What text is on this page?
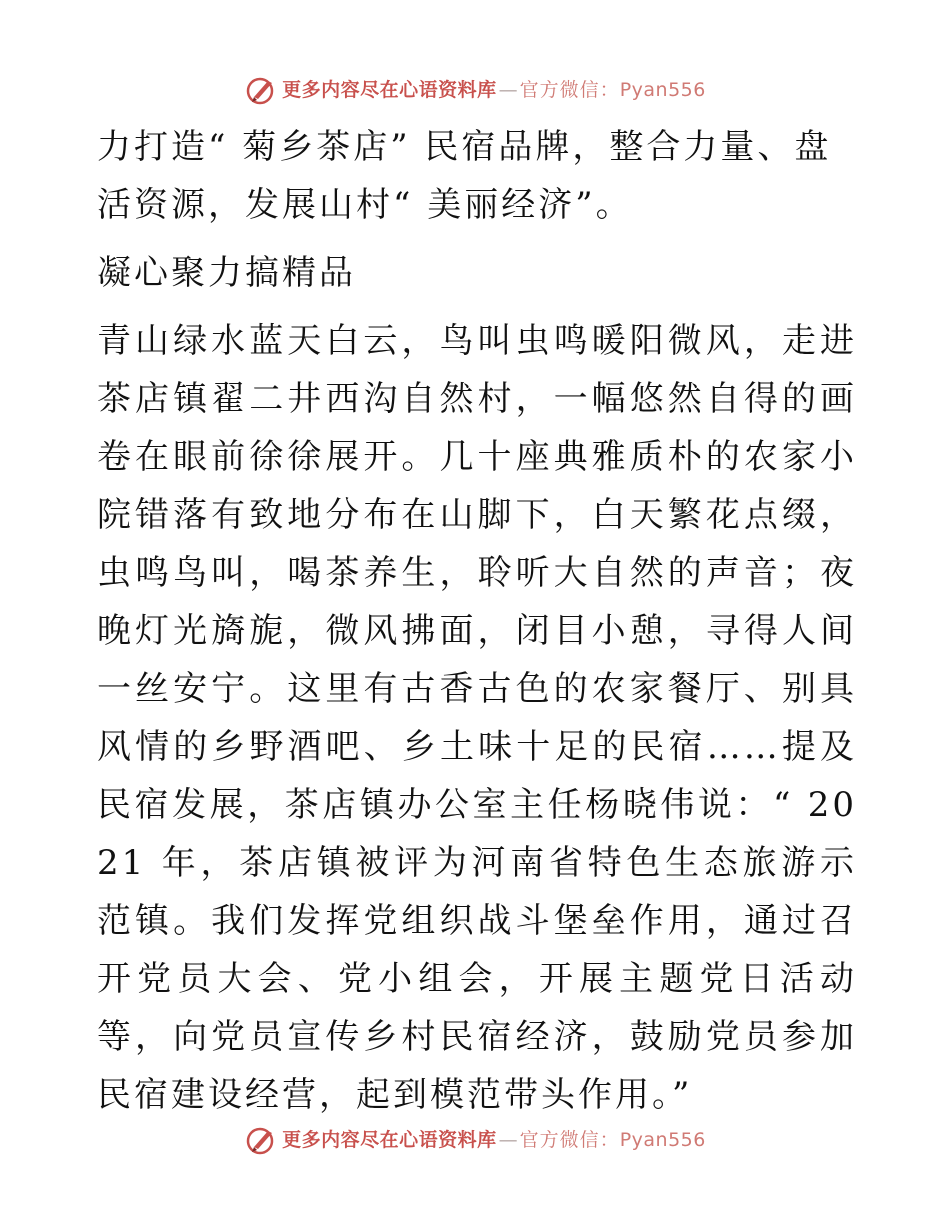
更多内容尽在心语资料库 — 官方微信： Pyan556

力打造“ 菊乡茶店” 民宿品牌，整合力量、盘活资源，发展山村“ 美丽经济”。

凝心聚力搞精品

青山绿水蓝天白云，鸟叫虫鸣暖阳微风，走进茶店镇翟二井西沟自然村，一幅悠然自得的画卷在眼前徐徐展开。几十座典雅质朴的农家小院错落有致地分布在山脚下，白天繁花点缀，虫鸣鸟叫，喝茶养生，聆听大自然的声音；夜晚灯光旖旎，微风拂面，闭目小憩，寻得人间一丝安宁。这里有古香古色的农家餐厅、别具风情的乡野酒吧、乡土味十足的民宿……提及民宿发展，茶店镇办公室主任杨晓伟说：“ 2021 年，茶店镇被评为河南省特色生态旅游示范镇。我们发挥党组织战斗堡垒作用，通过召开党员大会、党小组会，开展主题党日活动等，向党员宣传乡村民宿经济，鼓励党员参加民宿建设经营，起到模范带头作用。”

更多内容尽在心语资料库 — 官方微信： Pyan556
